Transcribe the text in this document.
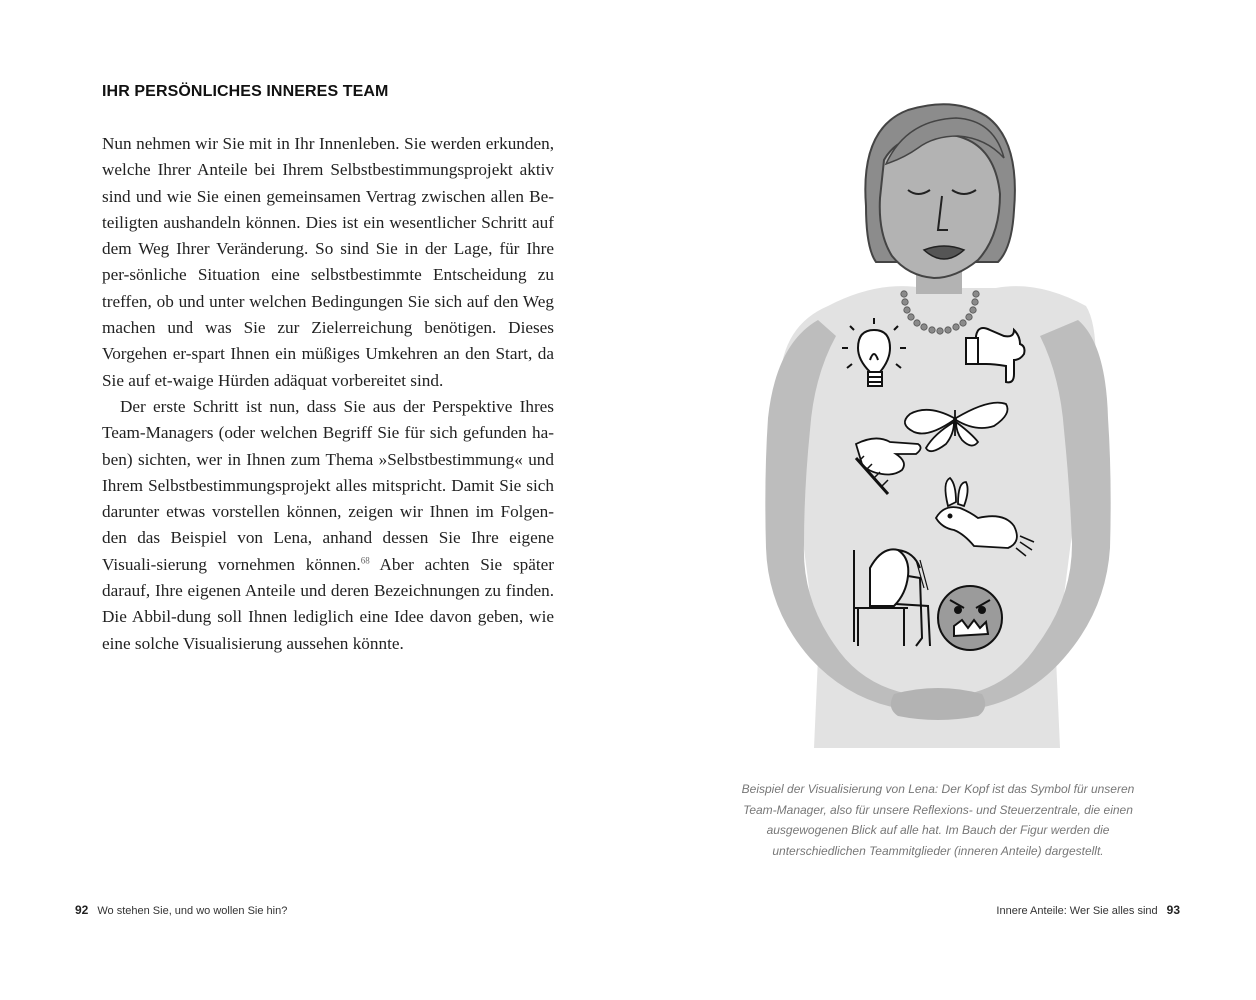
IHR PERSÖNLICHES INNERES TEAM

Nun nehmen wir Sie mit in Ihr Innenleben. Sie werden erkunden, welche Ihrer Anteile bei Ihrem Selbstbestimmungsprojekt aktiv sind und wie Sie einen gemeinsamen Vertrag zwischen allen Be-teiligten aushandeln können. Dies ist ein wesentlicher Schritt auf dem Weg Ihrer Veränderung. So sind Sie in der Lage, für Ihre per-sönliche Situation eine selbstbestimmte Entscheidung zu treffen, ob und unter welchen Bedingungen Sie sich auf den Weg machen und was Sie zur Zielerreichung benötigen. Dieses Vorgehen er-spart Ihnen ein müßiges Umkehren an den Start, da Sie auf et-waige Hürden adäquat vorbereitet sind.

Der erste Schritt ist nun, dass Sie aus der Perspektive Ihres Team-Managers (oder welchen Begriff Sie für sich gefunden ha-ben) sichten, wer in Ihnen zum Thema »Selbstbestimmung« und Ihrem Selbstbestimmungsprojekt alles mitspricht. Damit Sie sich darunter etwas vorstellen können, zeigen wir Ihnen im Folgen-den das Beispiel von Lena, anhand dessen Sie Ihre eigene Visuali-sierung vornehmen können.$^{68}$ Aber achten Sie später darauf, Ihre eigenen Anteile und deren Bezeichnungen zu finden. Die Abbil-dung soll Ihnen lediglich eine Idee davon geben, wie eine solche Visualisierung aussehen könnte.

92 Wo stehen Sie, und wo wollen Sie hin?
Beispiel der Visualisierung von Lena: Der Kopf ist das Symbol für unseren
Team-Manager, also für unsere Reflexions- und Steuerzentrale, die einen
ausgewogenen Blick auf alle hat. Im Bauch der Figur werden die
unterschiedlichen Teammitglieder (inneren Anteile) dargestellt.
Innere Anteile: Wer Sie alles sind 93
